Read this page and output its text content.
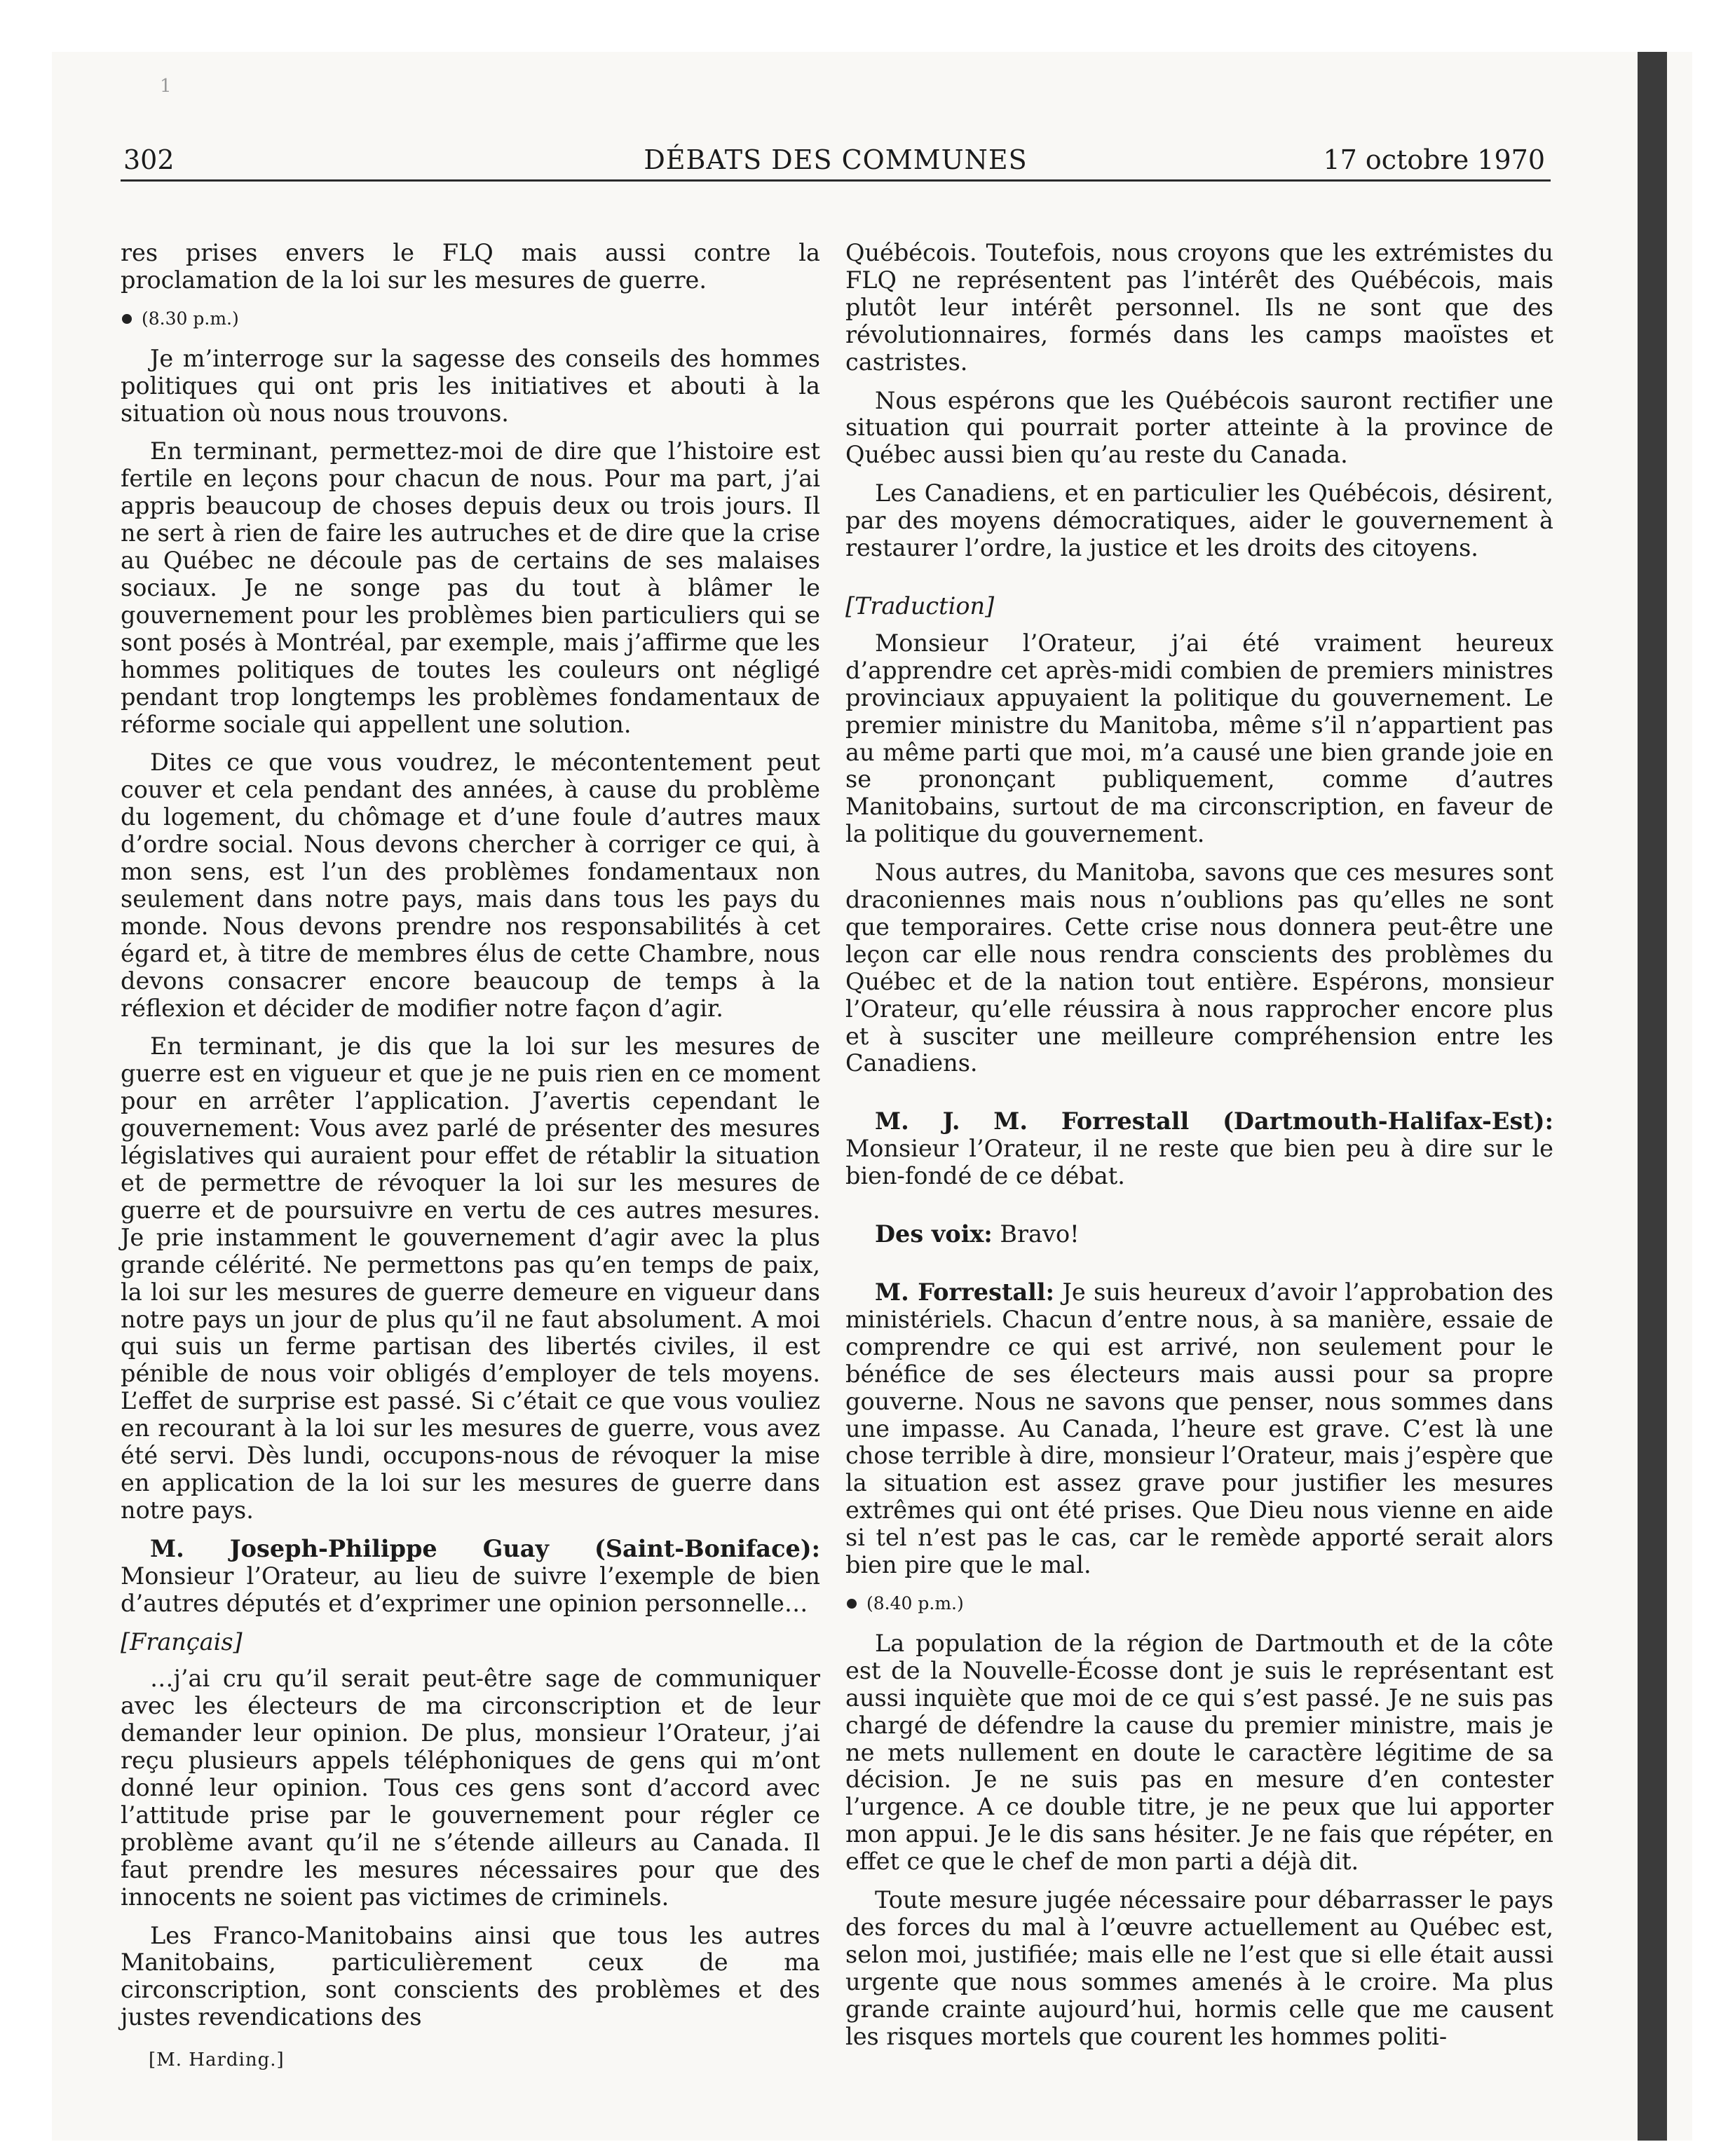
1
302	DÉBATS DES COMMUNES	17 octobre 1970

res prises envers le FLQ mais aussi contre la proclamation de la loi sur les mesures de guerre.

(8.30 p.m.)

Je m’interroge sur la sagesse des conseils des hommes politiques qui ont pris les initiatives et abouti à la situation où nous nous trouvons.

En terminant, permettez-moi de dire que l’histoire est fertile en leçons pour chacun de nous. Pour ma part, j’ai appris beaucoup de choses depuis deux ou trois jours. Il ne sert à rien de faire les autruches et de dire que la crise au Québec ne découle pas de certains de ses malaises sociaux. Je ne songe pas du tout à blâmer le gouvernement pour les problèmes bien particuliers qui se sont posés à Montréal, par exemple, mais j’affirme que les hommes politiques de toutes les couleurs ont négligé pendant trop longtemps les problèmes fondamentaux de réforme sociale qui appellent une solution.

Dites ce que vous voudrez, le mécontentement peut couver et cela pendant des années, à cause du problème du logement, du chômage et d’une foule d’autres maux d’ordre social. Nous devons chercher à corriger ce qui, à mon sens, est l’un des problèmes fondamentaux non seulement dans notre pays, mais dans tous les pays du monde. Nous devons prendre nos responsabilités à cet égard et, à titre de membres élus de cette Chambre, nous devons consacrer encore beaucoup de temps à la réflexion et décider de modifier notre façon d’agir.

En terminant, je dis que la loi sur les mesures de guerre est en vigueur et que je ne puis rien en ce moment pour en arrêter l’application. J’avertis cependant le gouvernement: Vous avez parlé de présenter des mesures législatives qui auraient pour effet de rétablir la situation et de permettre de révoquer la loi sur les mesures de guerre et de poursuivre en vertu de ces autres mesures. Je prie instamment le gouvernement d’agir avec la plus grande célérité. Ne permettons pas qu’en temps de paix, la loi sur les mesures de guerre demeure en vigueur dans notre pays un jour de plus qu’il ne faut absolument. A moi qui suis un ferme partisan des libertés civiles, il est pénible de nous voir obligés d’employer de tels moyens. L’effet de surprise est passé. Si c’était ce que vous vouliez en recourant à la loi sur les mesures de guerre, vous avez été servi. Dès lundi, occupons-nous de révoquer la mise en application de la loi sur les mesures de guerre dans notre pays.

M. Joseph-Philippe Guay (Saint-Boniface): Monsieur l’Orateur, au lieu de suivre l’exemple de bien d’autres députés et d’exprimer une opinion personnelle…

[Français]

…j’ai cru qu’il serait peut-être sage de communiquer avec les électeurs de ma circonscription et de leur demander leur opinion. De plus, monsieur l’Orateur, j’ai reçu plusieurs appels téléphoniques de gens qui m’ont donné leur opinion. Tous ces gens sont d’accord avec l’attitude prise par le gouvernement pour régler ce problème avant qu’il ne s’étende ailleurs au Canada. Il faut prendre les mesures nécessaires pour que des innocents ne soient pas victimes de criminels.

Les Franco-Manitobains ainsi que tous les autres Manitobains, particulièrement ceux de ma circonscription, sont conscients des problèmes et des justes revendications des

[M. Harding.]

Québécois. Toutefois, nous croyons que les extrémistes du FLQ ne représentent pas l’intérêt des Québécois, mais plutôt leur intérêt personnel. Ils ne sont que des révolutionnaires, formés dans les camps maoïstes et castristes.

Nous espérons que les Québécois sauront rectifier une situation qui pourrait porter atteinte à la province de Québec aussi bien qu’au reste du Canada.

Les Canadiens, et en particulier les Québécois, désirent, par des moyens démocratiques, aider le gouvernement à restaurer l’ordre, la justice et les droits des citoyens.

[Traduction]

Monsieur l’Orateur, j’ai été vraiment heureux d’apprendre cet après-midi combien de premiers ministres provinciaux appuyaient la politique du gouvernement. Le premier ministre du Manitoba, même s’il n’appartient pas au même parti que moi, m’a causé une bien grande joie en se prononçant publiquement, comme d’autres Manitobains, surtout de ma circonscription, en faveur de la politique du gouvernement.

Nous autres, du Manitoba, savons que ces mesures sont draconiennes mais nous n’oublions pas qu’elles ne sont que temporaires. Cette crise nous donnera peut-être une leçon car elle nous rendra conscients des problèmes du Québec et de la nation tout entière. Espérons, monsieur l’Orateur, qu’elle réussira à nous rapprocher encore plus et à susciter une meilleure compréhension entre les Canadiens.

M. J. M. Forrestall (Dartmouth-Halifax-Est): Monsieur l’Orateur, il ne reste que bien peu à dire sur le bien-fondé de ce débat.

Des voix: Bravo!

M. Forrestall: Je suis heureux d’avoir l’approbation des ministériels. Chacun d’entre nous, à sa manière, essaie de comprendre ce qui est arrivé, non seulement pour le bénéfice de ses électeurs mais aussi pour sa propre gouverne. Nous ne savons que penser, nous sommes dans une impasse. Au Canada, l’heure est grave. C’est là une chose terrible à dire, monsieur l’Orateur, mais j’espère que la situation est assez grave pour justifier les mesures extrêmes qui ont été prises. Que Dieu nous vienne en aide si tel n’est pas le cas, car le remède apporté serait alors bien pire que le mal.

(8.40 p.m.)

La population de la région de Dartmouth et de la côte est de la Nouvelle-Écosse dont je suis le représentant est aussi inquiète que moi de ce qui s’est passé. Je ne suis pas chargé de défendre la cause du premier ministre, mais je ne mets nullement en doute le caractère légitime de sa décision. Je ne suis pas en mesure d’en contester l’urgence. A ce double titre, je ne peux que lui apporter mon appui. Je le dis sans hésiter. Je ne fais que répéter, en effet ce que le chef de mon parti a déjà dit.

Toute mesure jugée nécessaire pour débarrasser le pays des forces du mal à l’œuvre actuellement au Québec est, selon moi, justifiée; mais elle ne l’est que si elle était aussi urgente que nous sommes amenés à le croire. Ma plus grande crainte aujourd’hui, hormis celle que me causent les risques mortels que courent les hommes politi-
